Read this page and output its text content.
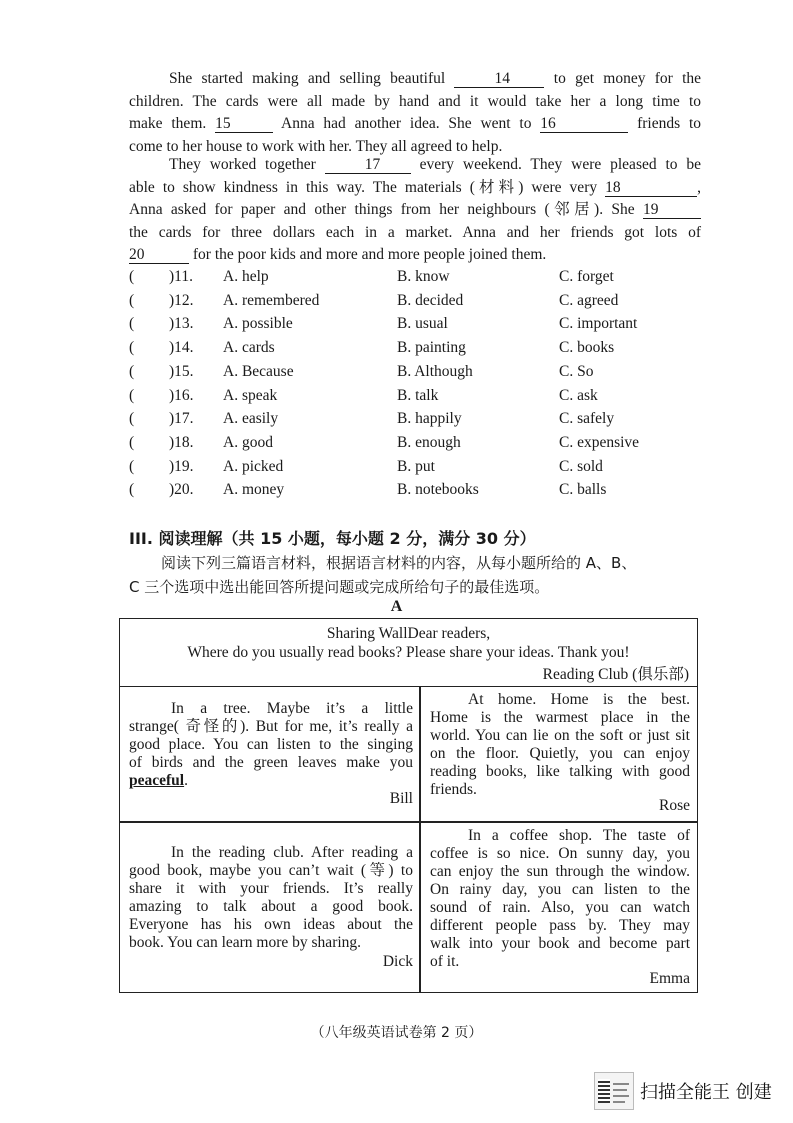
She started making and selling beautiful	14	to get money for the
children. The cards were all made by hand and it would take her a long time to
make them. 15	Anna had another idea. She went to 16	friends to
come to her house to work with her. They all agreed to help.
They worked together	17	every weekend. They were pleased to be
able to show kindness in this way. The materials (材料) were very 18	,
Anna asked for paper and other things from her neighbours (邻居). She 19
the cards for three dollars each in a market. Anna and her friends got lots of
20	for the poor kids and more and more people joined them.
( )11. A. help	B. know	C. forget
( )12. A. remembered	B. decided	C. agreed
( )13. A. possible	B. usual	C. important
( )14. A. cards	B. painting	C. books
( )15. A. Because	B. Although	C. So
( )16. A. speak	B. talk	C. ask
( )17. A. easily	B. happily	C. safely
( )18. A. good	B. enough	C. expensive
( )19. A. picked	B. put	C. sold
( )20. A. money	B. notebooks	C. balls
III. 阅读理解（共 15 小题，每小题 2 分，满分 30 分）
阅读下列三篇语言材料，根据语言材料的内容，从每小题所给的 A、B、
C 三个选项中选出能回答所提问题或完成所给句子的最佳选项。
A
Sharing WallDear readers,
Where do you usually read books? Please share your ideas. Thank you!
Reading Club (俱乐部)
In a tree. Maybe it’s a little
strange( 奇怪的). But for me, it’s really a
good place. You can listen to the singing
of birds and the green leaves make you
peaceful.
Bill
At home. Home is the best.
Home is the warmest place in the
world. You can lie on the soft or just sit
on the floor. Quietly, you can enjoy
reading books, like talking with good
friends.
Rose
In the reading club. After reading a
good book, maybe you can’t wait (等) to
share it with your friends. It’s really
amazing to talk about a good book.
Everyone has his own ideas about the
book. You can learn more by sharing.
Dick
In a coffee shop. The taste of
coffee is so nice. On sunny day, you
can enjoy the sun through the window.
On rainy day, you can listen to the
sound of rain. Also, you can watch
different people pass by. They may
walk into your book and become part
of it.
Emma
（八年级英语试卷第 2 页）
扫描全能王 创建
